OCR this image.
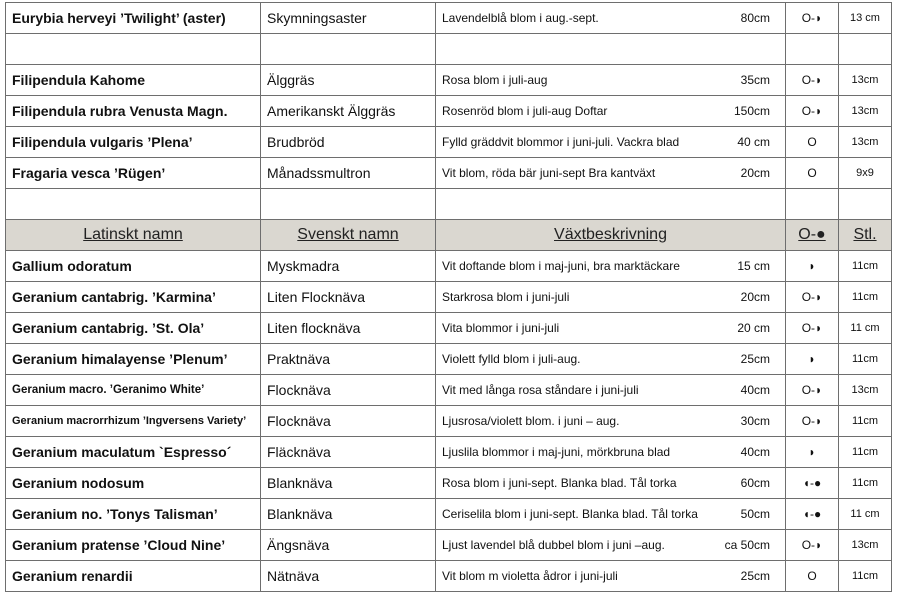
Eurybia herveyi ’Twilight’ (aster)	Skymningsaster	Lavendelblå blom i aug.-sept. 80cm	O-◗	13 cm

Filipendula Kahome	Älggräs	Rosa blom i juli-aug 35cm	O-◗	13cm
Filipendula rubra Venusta Magn.	Amerikanskt Älggräs	Rosenröd blom i juli-aug Doftar 150cm	O-◗	13cm
Filipendula vulgaris ’Plena’	Brudbröd	Fylld gräddvit blommor i juni-juli. Vackra blad 40 cm	O	13cm
Fragaria vesca ’Rügen’	Månadssmultron	Vit blom, röda bär juni-sept Bra kantväxt 20cm	O	9x9

Latinskt namn	Svenskt namn	Växtbeskrivning	O-●	Stl.
Gallium odoratum	Myskmadra	Vit doftande blom i maj-juni, bra marktäckare 15 cm	◗	11cm
Geranium cantabrig. ’Karmina’	Liten Flocknäva	Starkrosa blom i juni-juli 20cm	O-◗	11cm
Geranium cantabrig. ’St. Ola’	Liten flocknäva	Vita blommor i juni-juli 20 cm	O-◗	11 cm
Geranium himalayense ’Plenum’	Praktnäva	Violett fylld blom i juli-aug. 25cm	◗	11cm
Geranium macro. ’Geranimo White’	Flocknäva	Vit med långa rosa ståndare i juni-juli 40cm	O-◗	13cm
Geranium macrorrhizum ’Ingversens Variety’	Flocknäva	Ljusrosa/violett blom. i juni – aug. 30cm	O-◗	11cm
Geranium maculatum `Espresso´	Fläcknäva	Ljuslila blommor i maj-juni, mörkbruna blad 40cm	◗	11cm
Geranium nodosum	Blanknäva	Rosa blom i juni-sept. Blanka blad. Tål torka 60cm	◖-●	11cm
Geranium no. ’Tonys Talisman’	Blanknäva	Ceriselila blom i juni-sept. Blanka blad. Tål torka 50cm	◖-●	11 cm
Geranium pratense ’Cloud Nine’	Ängsnäva	Ljust lavendel blå dubbel blom i juni –aug. ca 50cm	O-◗	13cm
Geranium renardii	Nätnäva	Vit blom m violetta ådror i juni-juli 25cm	O	11cm
